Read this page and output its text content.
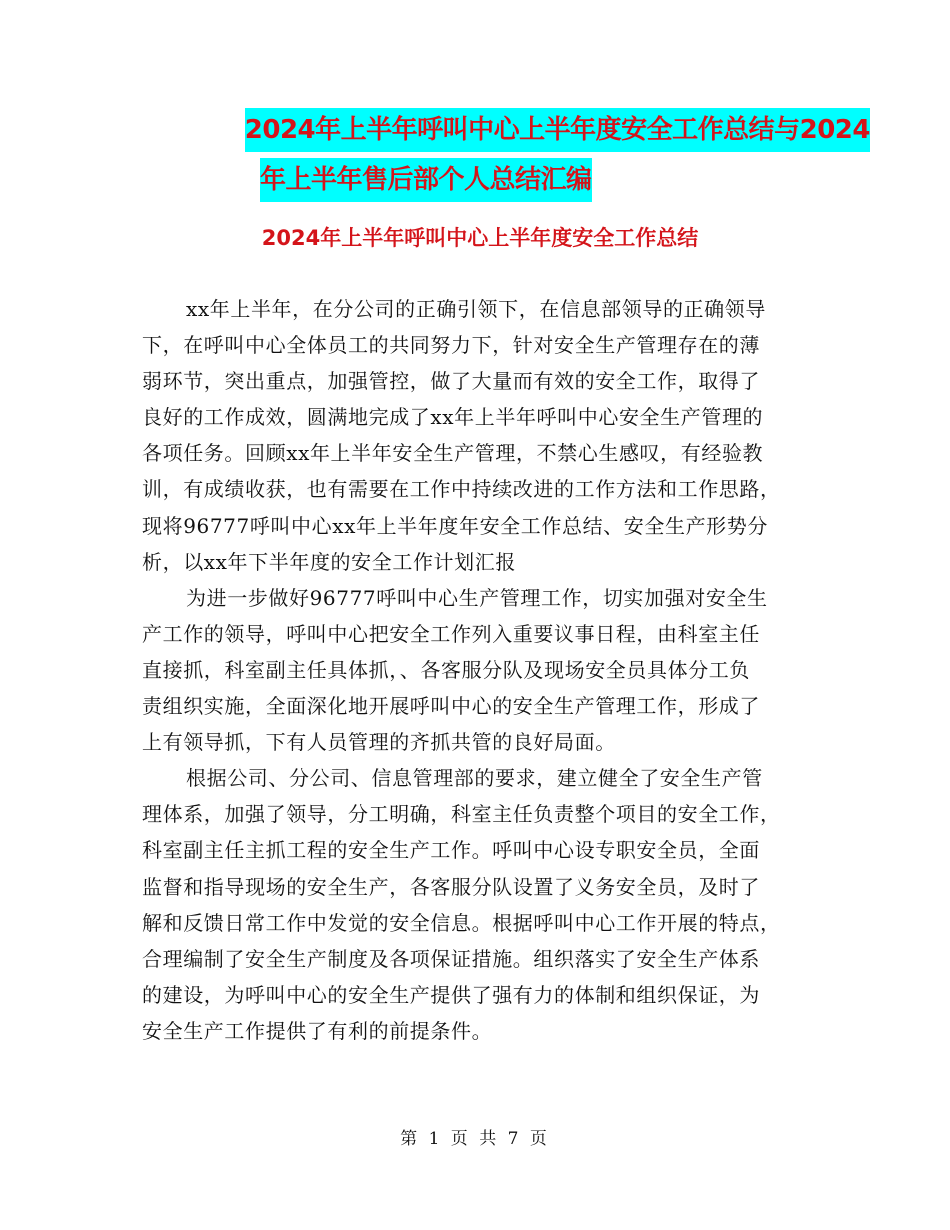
2024年上半年呼叫中心上半年度安全工作总结与2024
年上半年售后部个人总结汇编
2024年上半年呼叫中心上半年度安全工作总结
xx年上半年，在分公司的正确引领下，在信息部领导的正确领导
下，在呼叫中心全体员工的共同努力下，针对安全生产管理存在的薄
弱环节，突出重点，加强管控，做了大量而有效的安全工作，取得了
良好的工作成效，圆满地完成了xx年上半年呼叫中心安全生产管理的
各项任务。回顾xx年上半年安全生产管理，不禁心生感叹，有经验教
训，有成绩收获，也有需要在工作中持续改进的工作方法和工作思路，
现将96777呼叫中心xx年上半年度年安全工作总结、安全生产形势分
析，以xx年下半年度的安全工作计划汇报
为进一步做好96777呼叫中心生产管理工作，切实加强对安全生
产工作的领导，呼叫中心把安全工作列入重要议事日程，由科室主任
直接抓，科室副主任具体抓，、各客服分队及现场安全员具体分工负
责组织实施，全面深化地开展呼叫中心的安全生产管理工作，形成了
上有领导抓，下有人员管理的齐抓共管的良好局面。
根据公司、分公司、信息管理部的要求，建立健全了安全生产管
理体系，加强了领导，分工明确，科室主任负责整个项目的安全工作，
科室副主任主抓工程的安全生产工作。呼叫中心设专职安全员，全面
监督和指导现场的安全生产，各客服分队设置了义务安全员，及时了
解和反馈日常工作中发觉的安全信息。根据呼叫中心工作开展的特点，
合理编制了安全生产制度及各项保证措施。组织落实了安全生产体系
的建设，为呼叫中心的安全生产提供了强有力的体制和组织保证，为
安全生产工作提供了有利的前提条件。
第 1 页 共 7 页
